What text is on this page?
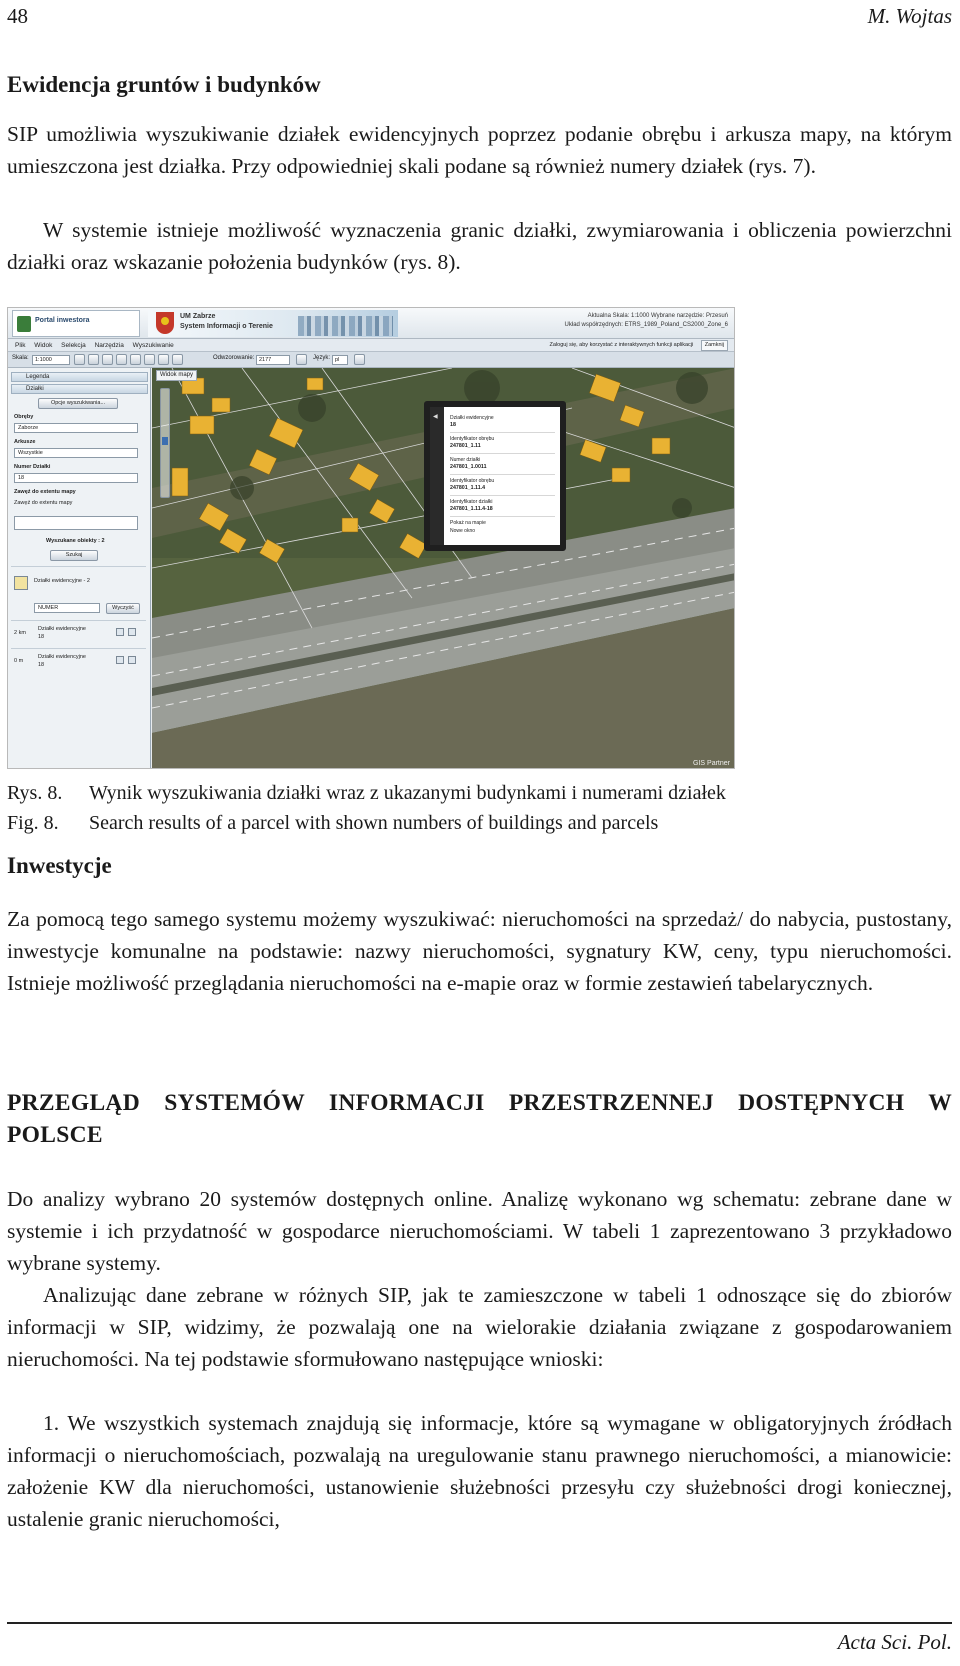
48	M. Wojtas
Ewidencja gruntów i budynków

SIP umożliwia wyszukiwanie działek ewidencyjnych poprzez podanie obrębu i arkusza mapy, na którym umieszczona jest działka. Przy odpowiedniej skali podane są również numery działek (rys. 7).

W systemie istnieje możliwość wyznaczenia granic działki, zwymiarowania i obliczenia powierzchni działki oraz wskazanie położenia budynków (rys. 8).

Portal inwestora
UM Zabrze
System Informacji o Terenie
Aktualna Skala: 1:1000 Wybrane narzędzie: Przesuń
Układ współrzędnych: ETRS_1989_Poland_CS2000_Zone_6
Plik Widok Selekcja Narzędzia Wyszukiwanie	Zaloguj się, aby korzystać z interaktywnych funkcji aplikacji Zamknij
Skala:	1:1000	Odwzorowanie: 2177	Język: pl
Legenda
Działki
Opcje wyszukiwania...
Obręby
Zaborze
Arkusze
Wszystkie
Numer Działki
18
Zawęź do extentu mapy
Zawęź do extentu mapy
Wyszukane obiekty : 2
Szukaj
Działki ewidencyjne - 2
NUMER	Wyczyść
2 km
Działki ewidencyjne
18
0 m
Działki ewidencyjne
18
Widok mapy
◀
Działki ewidencyjne
18
Identyfikator obrębu
247801_1.11
Numer działki
247801_1.0011
Identyfikator obrębu
247801_1.11.4
Identyfikator działki
247801_1.11.4-18
Pokaż na mapie
Nowe okno
GIS Partner
Rys. 8. Wynik wyszukiwania działki wraz z ukazanymi budynkami i numerami działek
Fig. 8. Search results of a parcel with shown numbers of buildings and parcels
Inwestycje

Za pomocą tego samego systemu możemy wyszukiwać: nieruchomości na sprzedaż/ do nabycia, pustostany, inwestycje komunalne na podstawie: nazwy nieruchomości, sygnatury KW, ceny, typu nieruchomości. Istnieje możliwość przeglądania nieruchomości na e-mapie oraz w formie zestawień tabelarycznych.

PRZEGLĄD SYSTEMÓW INFORMACJI PRZESTRZENNEJ DOSTĘPNYCH W POLSCE

Do analizy wybrano 20 systemów dostępnych online. Analizę wykonano wg schematu: zebrane dane w systemie i ich przydatność w gospodarce nieruchomościami. W tabeli 1 zaprezentowano 3 przykładowo wybrane systemy.

Analizując dane zebrane w różnych SIP, jak te zamieszczone w tabeli 1 odnoszące się do zbiorów informacji w SIP, widzimy, że pozwalają one na wielorakie działania związane z gospodarowaniem nieruchomości. Na tej podstawie sformułowano następujące wnioski:

1. We wszystkich systemach znajdują się informacje, które są wymagane w obligatoryjnych źródłach informacji o nieruchomościach, pozwalają na uregulowanie stanu prawnego nieruchomości, a mianowicie: założenie KW dla nieruchomości, ustanowienie służebności przesyłu czy służebności drogi koniecznej, ustalenie granic nieruchomości,

Acta Sci. Pol.
